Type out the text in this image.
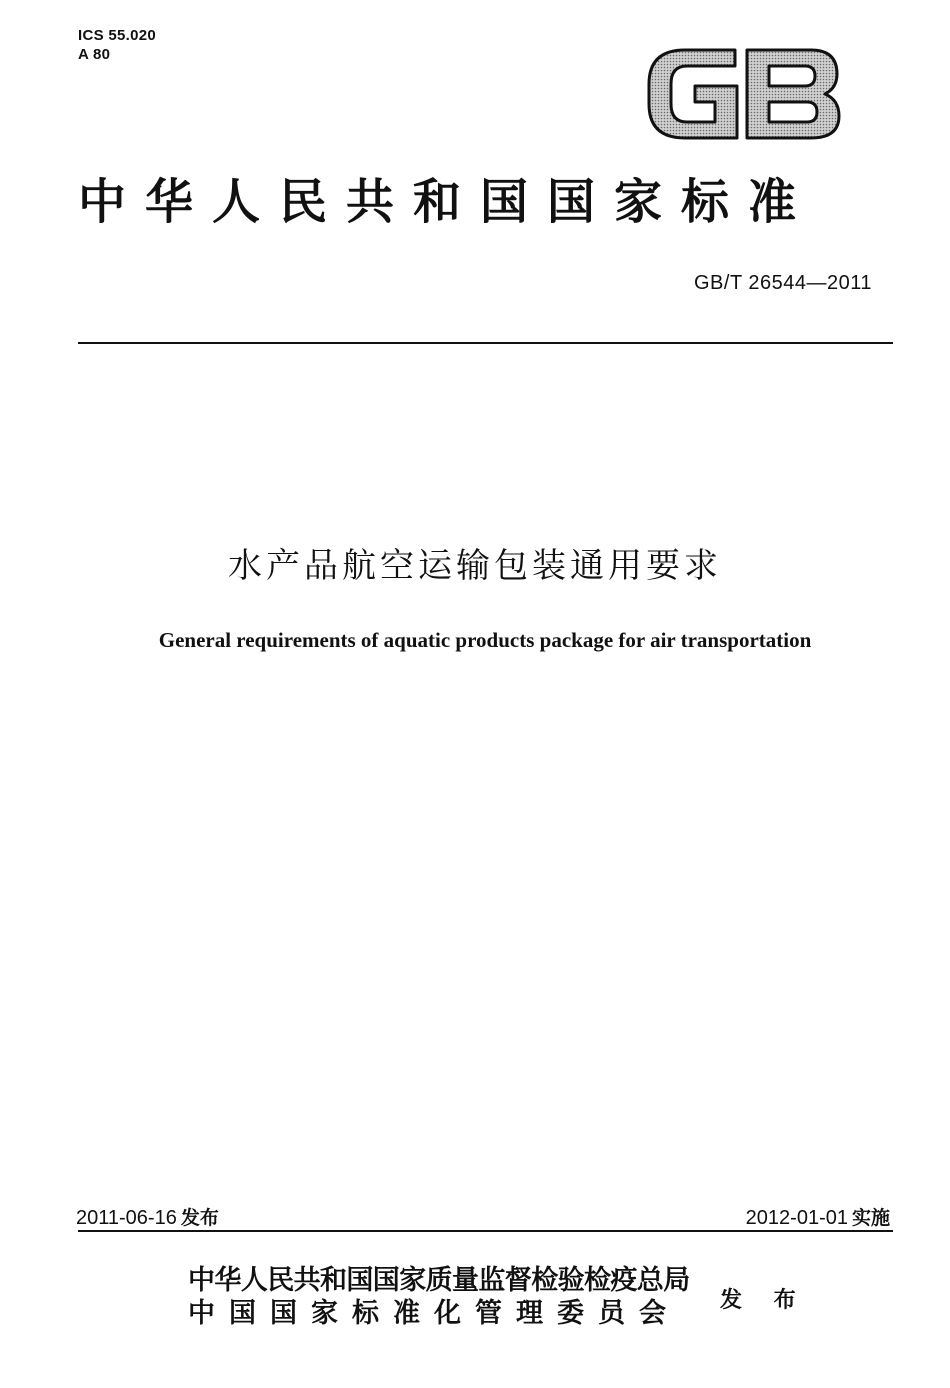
ICS 55.020
A 80
中华人民共和国国家标准
GB/T 26544—2011
水产品航空运输包装通用要求
General requirements of aquatic products package for air transportation
2011-06-16 发布	2012-01-01 实施
中华人民共和国国家质量监督检验检疫总局
中国国家标准化管理委员会	发 布
